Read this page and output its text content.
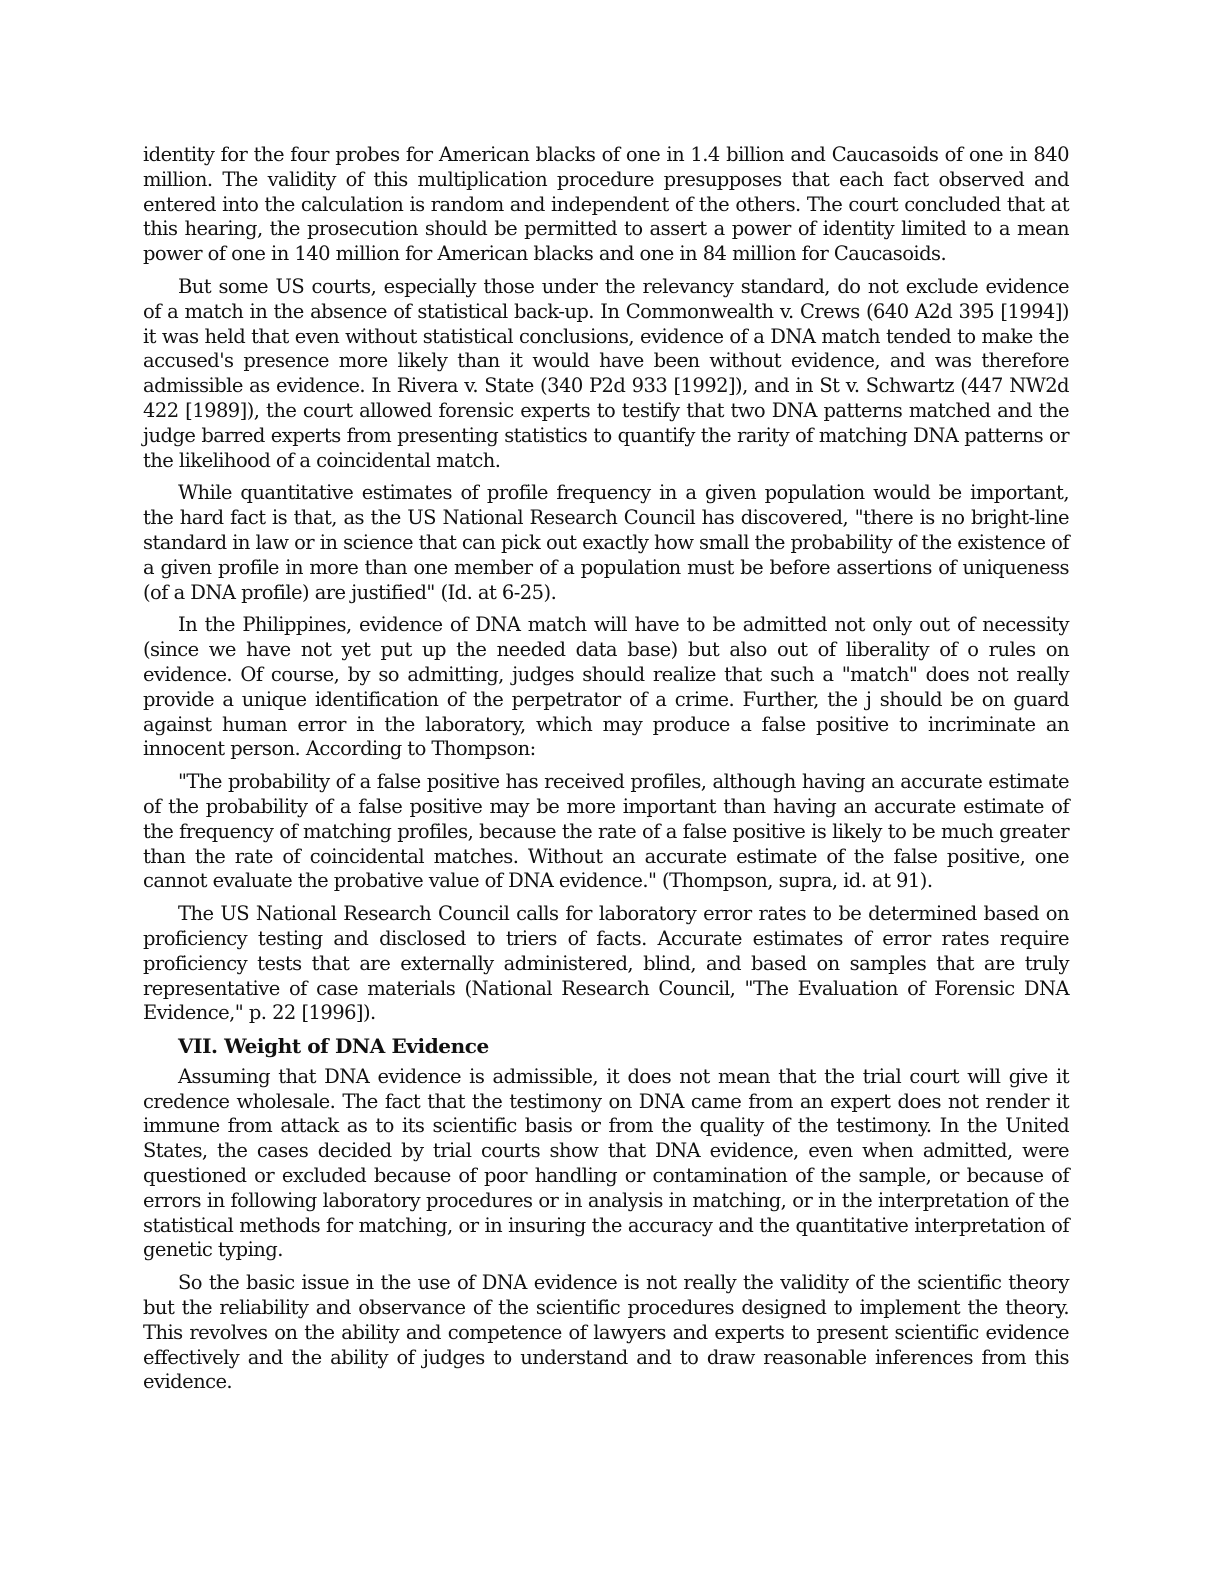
identity for the four probes for American blacks of one in 1.4 billion and Caucasoids of one in 840 million. The validity of this multiplication procedure presupposes that each fact observed and entered into the calculation is random and independent of the others. The court concluded that at this hearing, the prosecution should be permitted to assert a power of identity limited to a mean power of one in 140 million for American blacks and one in 84 million for Caucasoids.

But some US courts, especially those under the relevancy standard, do not exclude evidence of a match in the absence of statistical back-up. In Commonwealth v. Crews (640 A2d 395 [1994]) it was held that even without statistical conclusions, evidence of a DNA match tended to make the accused's presence more likely than it would have been without evidence, and was therefore admissible as evidence. In Rivera v. State (340 P2d 933 [1992]), and in St v. Schwartz (447 NW2d 422 [1989]), the court allowed forensic experts to testify that two DNA patterns matched and the judge barred experts from presenting statistics to quantify the rarity of matching DNA patterns or the likelihood of a coincidental match.

While quantitative estimates of profile frequency in a given population would be important, the hard fact is that, as the US National Research Council has discovered, "there is no bright-line standard in law or in science that can pick out exactly how small the probability of the existence of a given profile in more than one member of a population must be before assertions of uniqueness (of a DNA profile) are justified" (Id. at 6-25).

In the Philippines, evidence of DNA match will have to be admitted not only out of necessity (since we have not yet put up the needed data base) but also out of liberality of o rules on evidence. Of course, by so admitting, judges should realize that such a "match" does not really provide a unique identification of the perpetrator of a crime. Further, the j should be on guard against human error in the laboratory, which may produce a false positive to incriminate an innocent person. According to Thompson:

"The probability of a false positive has received profiles, although having an accurate estimate of the probability of a false positive may be more important than having an accurate estimate of the frequency of matching profiles, because the rate of a false positive is likely to be much greater than the rate of coincidental matches. Without an accurate estimate of the false positive, one cannot evaluate the probative value of DNA evidence." (Thompson, supra, id. at 91).

The US National Research Council calls for laboratory error rates to be determined based on proficiency testing and disclosed to triers of facts. Accurate estimates of error rates require proficiency tests that are externally administered, blind, and based on samples that are truly representative of case materials (National Research Council, "The Evaluation of Forensic DNA Evidence," p. 22 [1996]).

VII. Weight of DNA Evidence

Assuming that DNA evidence is admissible, it does not mean that the trial court will give it credence wholesale. The fact that the testimony on DNA came from an expert does not render it immune from attack as to its scientific basis or from the quality of the testimony. In the United States, the cases decided by trial courts show that DNA evidence, even when admitted, were questioned or excluded because of poor handling or contamination of the sample, or because of errors in following laboratory procedures or in analysis in matching, or in the interpretation of the statistical methods for matching, or in insuring the accuracy and the quantitative interpretation of genetic typing.

So the basic issue in the use of DNA evidence is not really the validity of the scientific theory but the reliability and observance of the scientific procedures designed to implement the theory. This revolves on the ability and competence of lawyers and experts to present scientific evidence effectively and the ability of judges to understand and to draw reasonable inferences from this evidence.
